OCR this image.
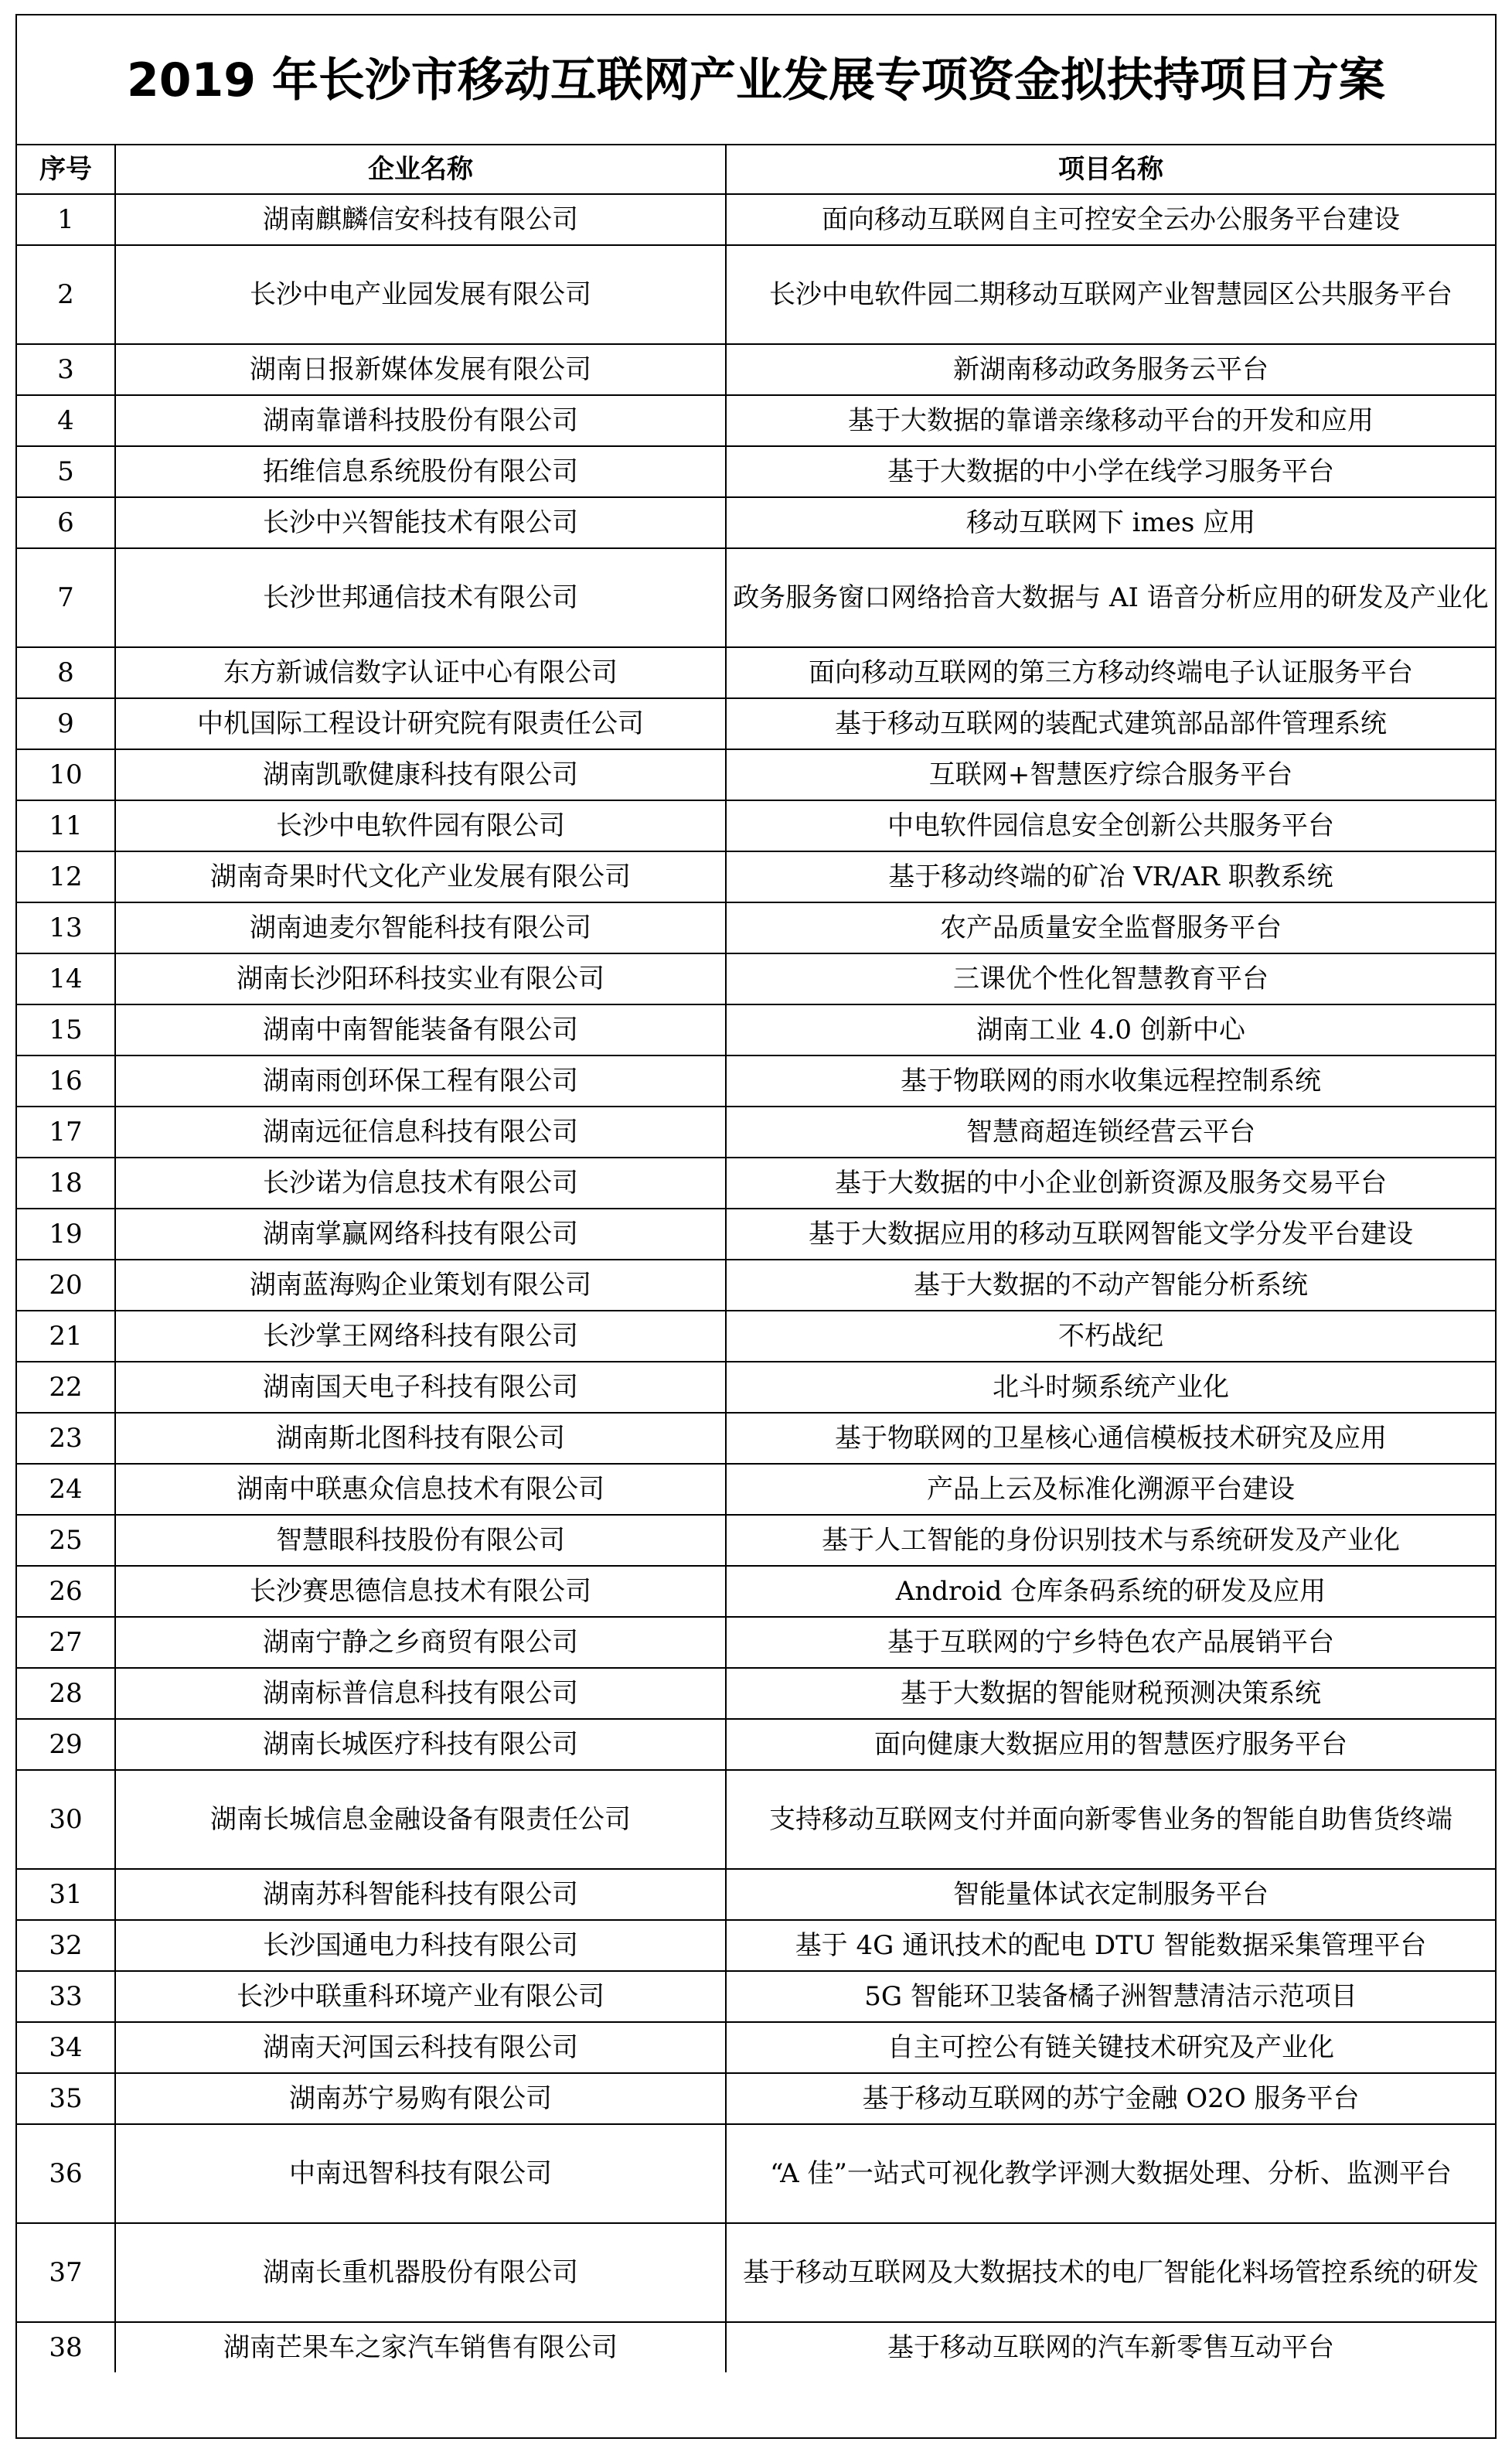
2019 年长沙市移动互联网产业发展专项资金拟扶持项目方案
序号	企业名称	项目名称
1	湖南麒麟信安科技有限公司	面向移动互联网自主可控安全云办公服务平台建设
2	长沙中电产业园发展有限公司	长沙中电软件园二期移动互联网产业智慧园区公共服务平台
3	湖南日报新媒体发展有限公司	新湖南移动政务服务云平台
4	湖南靠谱科技股份有限公司	基于大数据的靠谱亲缘移动平台的开发和应用
5	拓维信息系统股份有限公司	基于大数据的中小学在线学习服务平台
6	长沙中兴智能技术有限公司	移动互联网下 imes 应用
7	长沙世邦通信技术有限公司	政务服务窗口网络拾音大数据与 AI 语音分析应用的研发及产业化
8	东方新诚信数字认证中心有限公司	面向移动互联网的第三方移动终端电子认证服务平台
9	中机国际工程设计研究院有限责任公司	基于移动互联网的装配式建筑部品部件管理系统
10	湖南凯歌健康科技有限公司	互联网+智慧医疗综合服务平台
11	长沙中电软件园有限公司	中电软件园信息安全创新公共服务平台
12	湖南奇果时代文化产业发展有限公司	基于移动终端的矿冶 VR/AR 职教系统
13	湖南迪麦尔智能科技有限公司	农产品质量安全监督服务平台
14	湖南长沙阳环科技实业有限公司	三课优个性化智慧教育平台
15	湖南中南智能装备有限公司	湖南工业 4.0 创新中心
16	湖南雨创环保工程有限公司	基于物联网的雨水收集远程控制系统
17	湖南远征信息科技有限公司	智慧商超连锁经营云平台
18	长沙诺为信息技术有限公司	基于大数据的中小企业创新资源及服务交易平台
19	湖南掌赢网络科技有限公司	基于大数据应用的移动互联网智能文学分发平台建设
20	湖南蓝海购企业策划有限公司	基于大数据的不动产智能分析系统
21	长沙掌王网络科技有限公司	不朽战纪
22	湖南国天电子科技有限公司	北斗时频系统产业化
23	湖南斯北图科技有限公司	基于物联网的卫星核心通信模板技术研究及应用
24	湖南中联惠众信息技术有限公司	产品上云及标准化溯源平台建设
25	智慧眼科技股份有限公司	基于人工智能的身份识别技术与系统研发及产业化
26	长沙赛思德信息技术有限公司	Android 仓库条码系统的研发及应用
27	湖南宁静之乡商贸有限公司	基于互联网的宁乡特色农产品展销平台
28	湖南标普信息科技有限公司	基于大数据的智能财税预测决策系统
29	湖南长城医疗科技有限公司	面向健康大数据应用的智慧医疗服务平台
30	湖南长城信息金融设备有限责任公司	支持移动互联网支付并面向新零售业务的智能自助售货终端
31	湖南苏科智能科技有限公司	智能量体试衣定制服务平台
32	长沙国通电力科技有限公司	基于 4G 通讯技术的配电 DTU 智能数据采集管理平台
33	长沙中联重科环境产业有限公司	5G 智能环卫装备橘子洲智慧清洁示范项目
34	湖南天河国云科技有限公司	自主可控公有链关键技术研究及产业化
35	湖南苏宁易购有限公司	基于移动互联网的苏宁金融 O2O 服务平台
36	中南迅智科技有限公司	“A 佳”一站式可视化教学评测大数据处理、分析、监测平台
37	湖南长重机器股份有限公司	基于移动互联网及大数据技术的电厂智能化料场管控系统的研发
38	湖南芒果车之家汽车销售有限公司	基于移动互联网的汽车新零售互动平台
